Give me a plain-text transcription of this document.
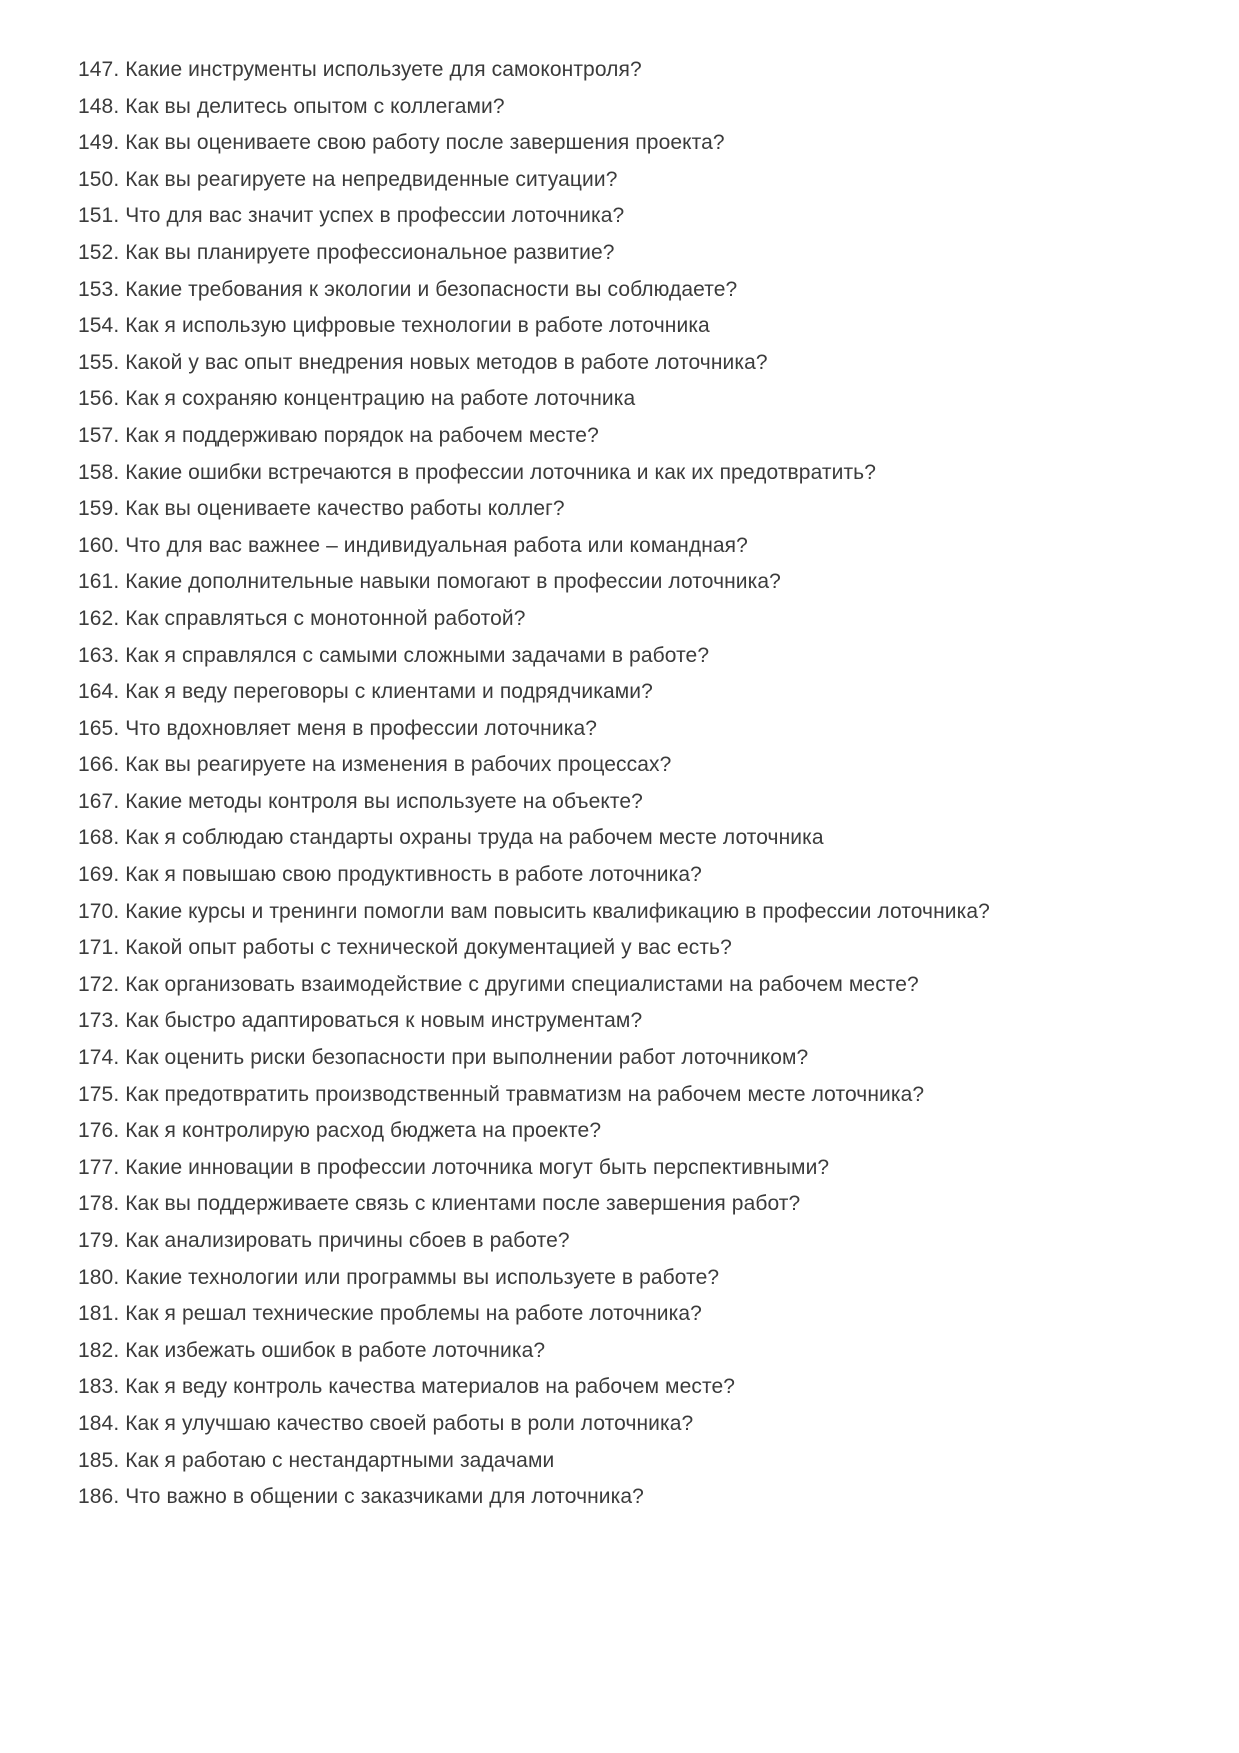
147. Какие инструменты используете для самоконтроля?
148. Как вы делитесь опытом с коллегами?
149. Как вы оцениваете свою работу после завершения проекта?
150. Как вы реагируете на непредвиденные ситуации?
151. Что для вас значит успех в профессии лоточника?
152. Как вы планируете профессиональное развитие?
153. Какие требования к экологии и безопасности вы соблюдаете?
154. Как я использую цифровые технологии в работе лоточника
155. Какой у вас опыт внедрения новых методов в работе лоточника?
156. Как я сохраняю концентрацию на работе лоточника
157. Как я поддерживаю порядок на рабочем месте?
158. Какие ошибки встречаются в профессии лоточника и как их предотвратить?
159. Как вы оцениваете качество работы коллег?
160. Что для вас важнее – индивидуальная работа или командная?
161. Какие дополнительные навыки помогают в профессии лоточника?
162. Как справляться с монотонной работой?
163. Как я справлялся с самыми сложными задачами в работе?
164. Как я веду переговоры с клиентами и подрядчиками?
165. Что вдохновляет меня в профессии лоточника?
166. Как вы реагируете на изменения в рабочих процессах?
167. Какие методы контроля вы используете на объекте?
168. Как я соблюдаю стандарты охраны труда на рабочем месте лоточника
169. Как я повышаю свою продуктивность в работе лоточника?
170. Какие курсы и тренинги помогли вам повысить квалификацию в профессии лоточника?
171. Какой опыт работы с технической документацией у вас есть?
172. Как организовать взаимодействие с другими специалистами на рабочем месте?
173. Как быстро адаптироваться к новым инструментам?
174. Как оценить риски безопасности при выполнении работ лоточником?
175. Как предотвратить производственный травматизм на рабочем месте лоточника?
176. Как я контролирую расход бюджета на проекте?
177. Какие инновации в профессии лоточника могут быть перспективными?
178. Как вы поддерживаете связь с клиентами после завершения работ?
179. Как анализировать причины сбоев в работе?
180. Какие технологии или программы вы используете в работе?
181. Как я решал технические проблемы на работе лоточника?
182. Как избежать ошибок в работе лоточника?
183. Как я веду контроль качества материалов на рабочем месте?
184. Как я улучшаю качество своей работы в роли лоточника?
185. Как я работаю с нестандартными задачами
186. Что важно в общении с заказчиками для лоточника?
